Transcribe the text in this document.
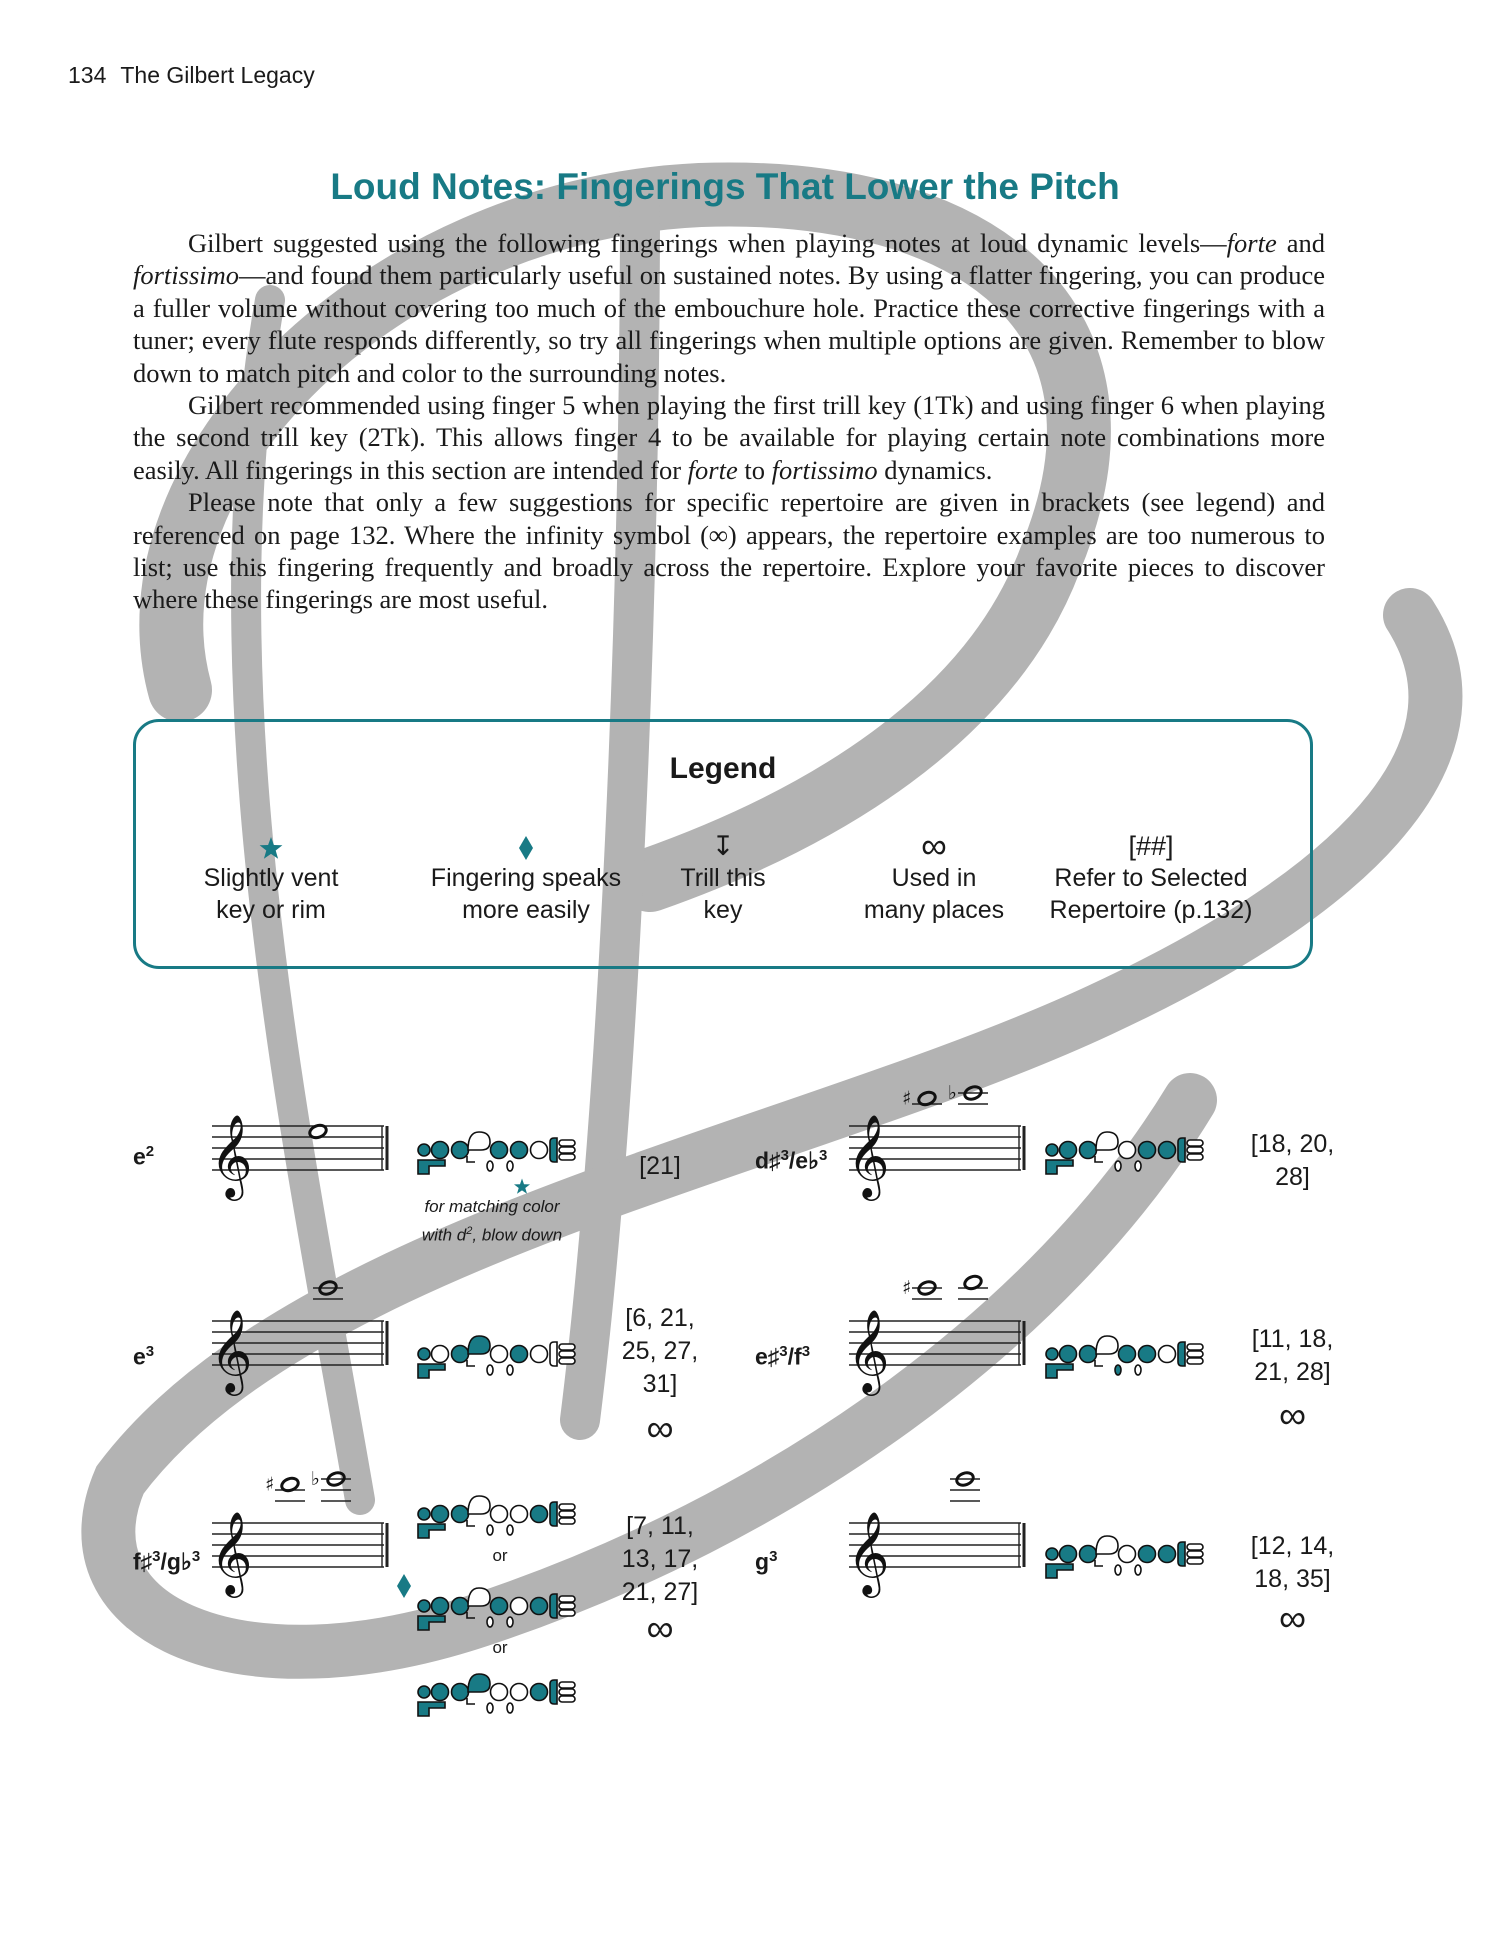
134 The Gilbert Legacy
Loud Notes: Fingerings That Lower the Pitch

Gilbert suggested using the following fingerings when playing notes at loud dynamic levels—forte and fortissimo—and found them particularly useful on sustained notes. By using a flatter fingering, you can produce a fuller volume without covering too much of the embouchure hole. Practice these corrective fingerings with a tuner; every flute responds differently, so try all fingerings when multiple options are given. Remember to blow down to match pitch and color to the surrounding notes.

Gilbert recommended using finger 5 when playing the first trill key (1Tk) and using finger 6 when playing the second trill key (2Tk). This allows finger 4 to be available for playing certain note combinations more easily. All fingerings in this section are intended for forte to fortissimo dynamics.

Please note that only a few suggestions for specific repertoire are given in brackets (see legend) and referenced on page 132. Where the infinity symbol (∞) appears, the repertoire examples are too numerous to list; use this fingering frequently and broadly across the repertoire. Explore your favorite pieces to discover where these fingerings are most useful.

Legend
Slightly vent
key or rim
Fingering speaks
more easily
↧
Trill this
key
∞
Used in
many places
[##]
Refer to Selected
Repertoire (p.132)
$e^2$ 𝄞
for matching color
with $d^2$, blow down
[21]	d♯$^3$/e♭$^3$ 𝄞
♯ ♭
[18, 20,
28]
$e^3$ 𝄞	[6, 21,
25, 27,
31]
∞
$e♯^3/f^3$ 𝄞
♯
[11, 18,
21, 28]
∞
f♯$^3$/g♭$^3$ 𝄞
♯ ♭
or
or
[7, 11,
13, 17,
21, 27]
∞
$g^3$ 𝄞	[12, 14,
18, 35]
∞
